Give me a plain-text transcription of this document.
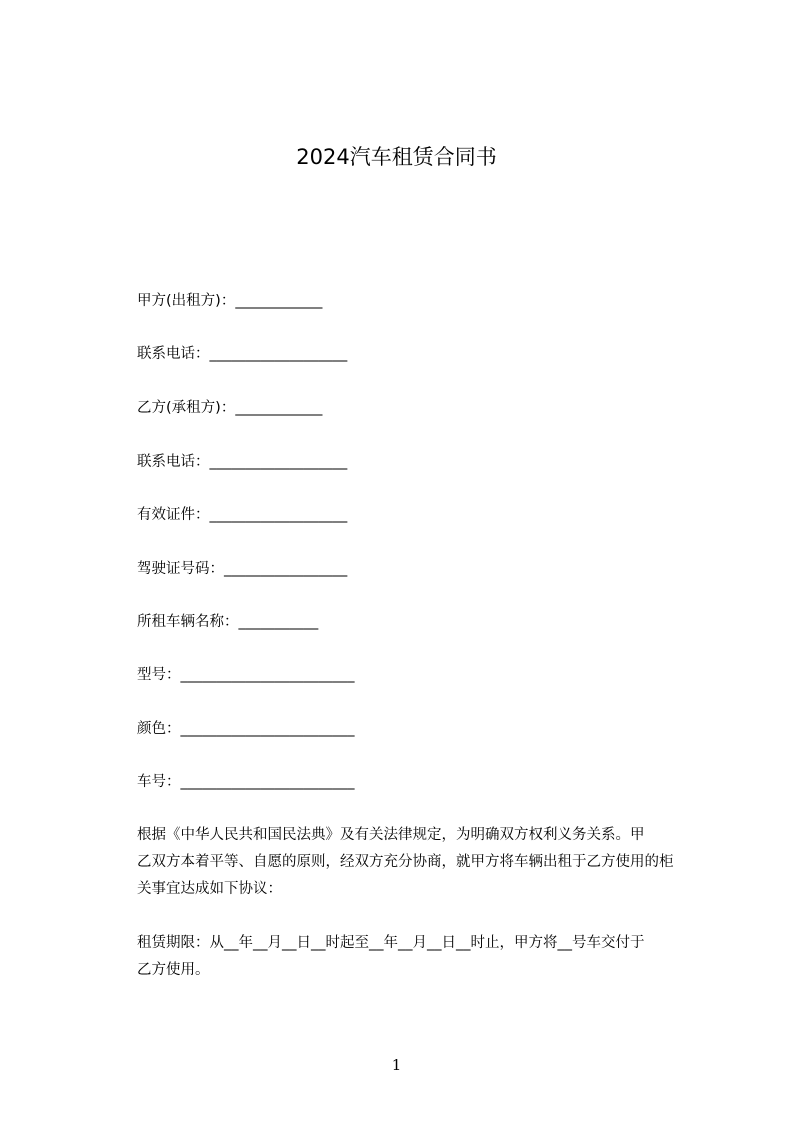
2024汽车租赁合同书
甲方(出租方)：____________
联系电话：___________________
乙方(承租方)：____________
联系电话：___________________
有效证件：___________________
驾驶证号码：_________________
所租车辆名称：___________
型号：________________________
颜色：________________________
车号：________________________
根据《中华人民共和国民法典》及有关法律规定，为明确双方权利义务关系。甲
乙双方本着平等、自愿的原则，经双方充分协商，就甲方将车辆出租于乙方使用的柜
关事宜达成如下协议：
租赁期限：从__年__月__日__时起至__年__月__日__时止，甲方将__号车交付于
乙方使用。
1
